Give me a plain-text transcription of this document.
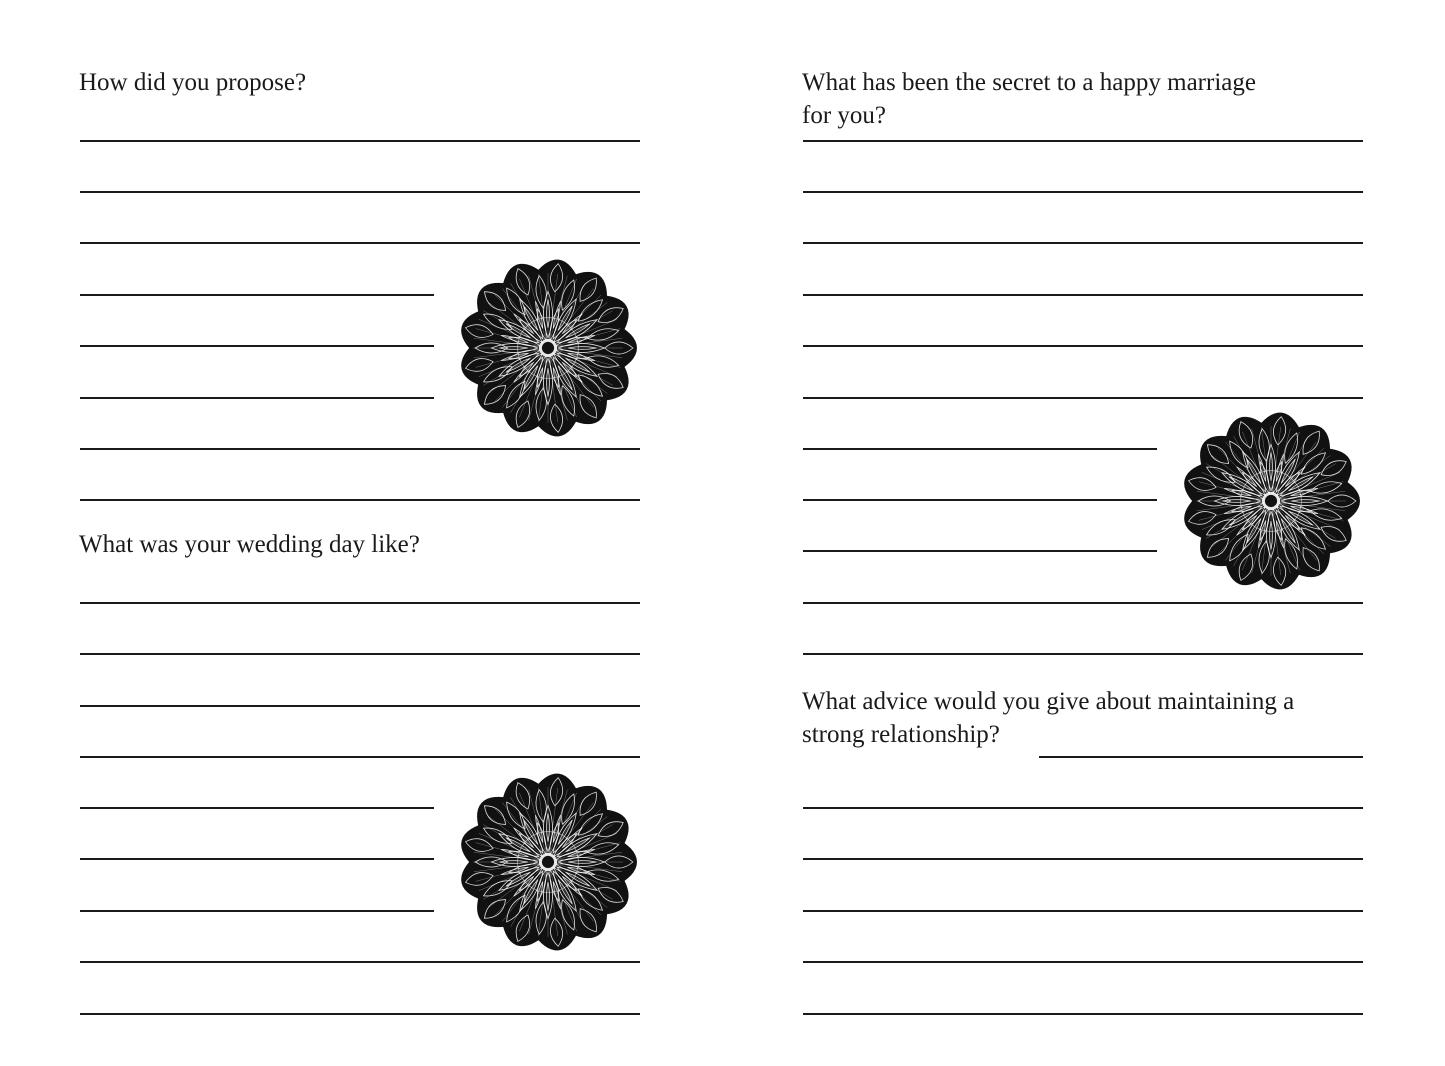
How did you propose?
What was your wedding day like?
What has been the secret to a happy marriage
for you?
What advice would you give about maintaining a
strong relationship?
